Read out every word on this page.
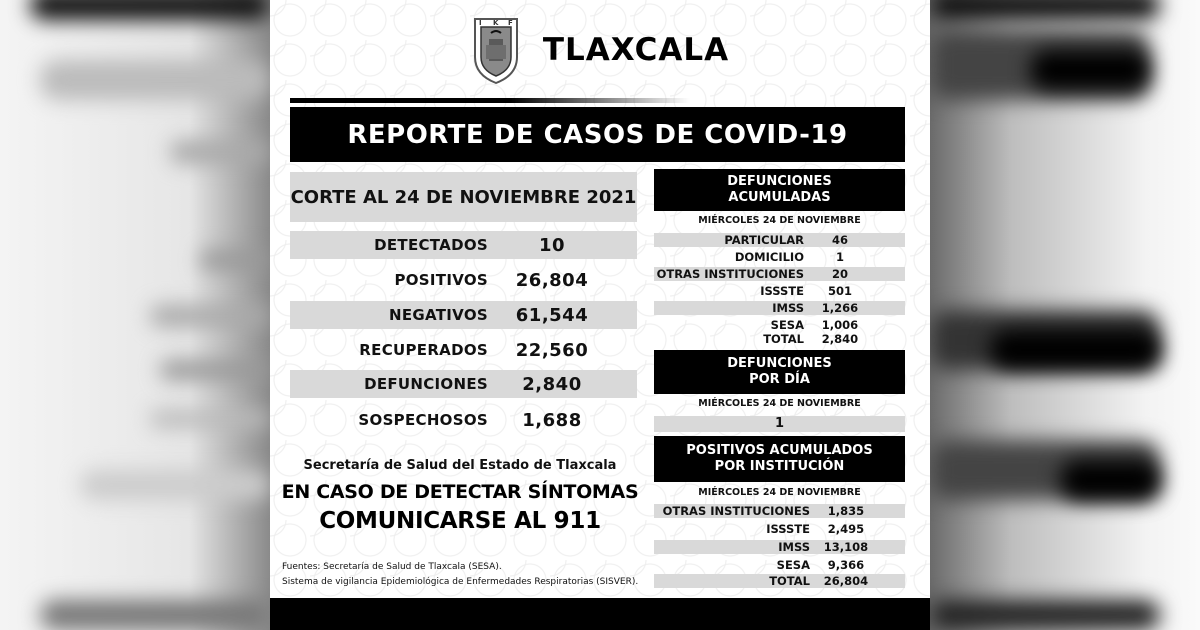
I K F
TLAXCALA
REPORTE DE CASOS DE COVID-19
CORTE AL 24 DE NOVIEMBRE 2021
DETECTADOS	10
POSITIVOS	26,804
NEGATIVOS	61,544
RECUPERADOS	22,560
DEFUNCIONES	2,840
SOSPECHOSOS	1,688
Secretaría de Salud del Estado de Tlaxcala
EN CASO DE DETECTAR SÍNTOMAS
COMUNICARSE AL 911
Fuentes: Secretaría de Salud de Tlaxcala (SESA).
Sistema de vigilancia Epidemiológica de Enfermedades Respiratorias (SISVER).
DEFUNCIONES
ACUMULADAS
MIÉRCOLES 24 DE NOVIEMBRE
PARTICULAR	46
DOMICILIO	1
OTRAS INSTITUCIONES	20
ISSSTE	501
IMSS	1,266
SESA	1,006
TOTAL	2,840
DEFUNCIONES
POR DÍA
MIÉRCOLES 24 DE NOVIEMBRE
1
POSITIVOS ACUMULADOS
POR INSTITUCIÓN
MIÉRCOLES 24 DE NOVIEMBRE
OTRAS INSTITUCIONES	1,835
ISSSTE	2,495
IMSS	13,108
SESA	9,366
TOTAL	26,804
